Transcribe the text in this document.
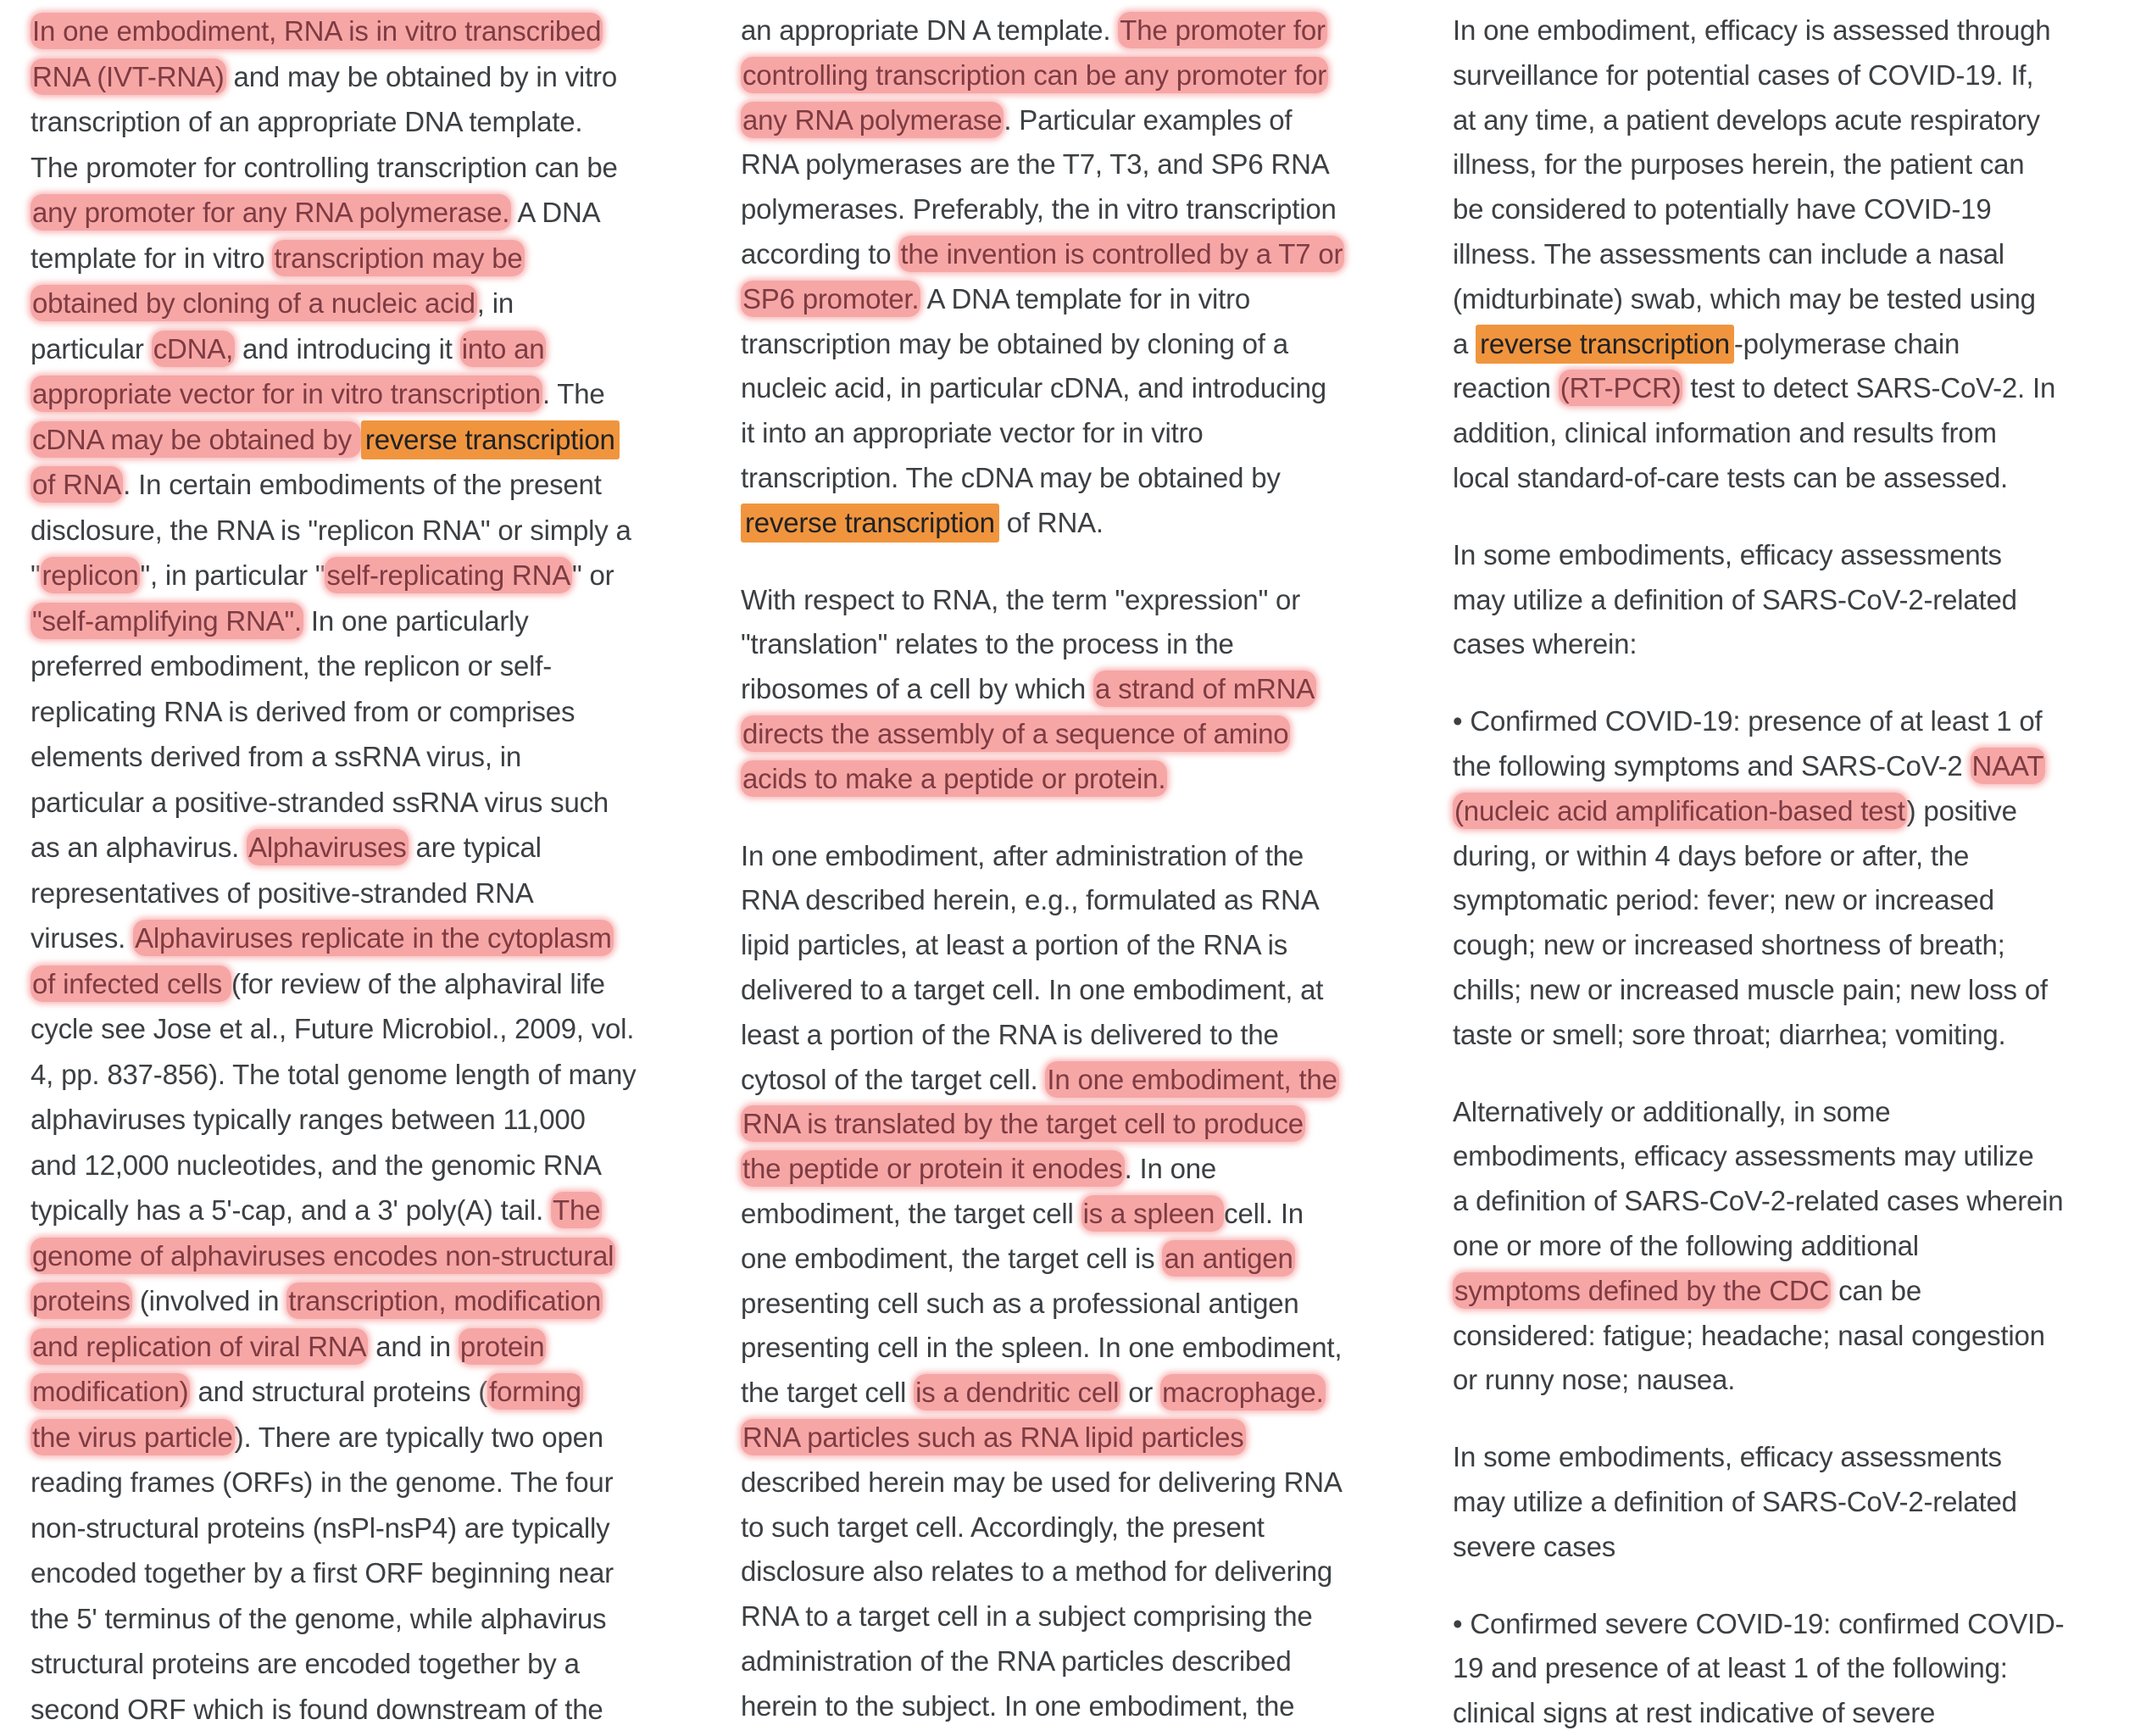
In one embodiment, RNA is in vitro transcribed
RNA (IVT-RNA) and may be obtained by in vitro
transcription of an appropriate DNA template.
The promoter for controlling transcription can be
any promoter for any RNA polymerase. A DNA
template for in vitro transcription may be
obtained by cloning of a nucleic acid, in
particular cDNA, and introducing it into an
appropriate vector for in vitro transcription. The
cDNA may be obtained by reverse transcription
of RNA. In certain embodiments of the present
disclosure, the RNA is "replicon RNA" or simply a
"replicon", in particular "self-replicating RNA" or
"self-amplifying RNA". In one particularly
preferred embodiment, the replicon or self-
replicating RNA is derived from or comprises
elements derived from a ssRNA virus, in
particular a positive-stranded ssRNA virus such
as an alphavirus. Alphaviruses are typical
representatives of positive-stranded RNA
viruses. Alphaviruses replicate in the cytoplasm
of infected cells (for review of the alphaviral life
cycle see Jose et al., Future Microbiol., 2009, vol.
4, pp. 837-856). The total genome length of many
alphaviruses typically ranges between 11,000
and 12,000 nucleotides, and the genomic RNA
typically has a 5'-cap, and a 3' poly(A) tail. The
genome of alphaviruses encodes non-structural
proteins (involved in transcription, modification
and replication of viral RNA and in protein
modification) and structural proteins (forming
the virus particle). There are typically two open
reading frames (ORFs) in the genome. The four
non-structural proteins (nsPl-nsP4) are typically
encoded together by a first ORF beginning near
the 5' terminus of the genome, while alphavirus
structural proteins are encoded together by a
second ORF which is found downstream of the
an appropriate DN A template. The promoter for
controlling transcription can be any promoter for
any RNA polymerase. Particular examples of
RNA polymerases are the T7, T3, and SP6 RNA
polymerases. Preferably, the in vitro transcription
according to the invention is controlled by a T7 or
SP6 promoter. A DNA template for in vitro
transcription may be obtained by cloning of a
nucleic acid, in particular cDNA, and introducing
it into an appropriate vector for in vitro
transcription. The cDNA may be obtained by
reverse transcription of RNA.
With respect to RNA, the term "expression" or
"translation" relates to the process in the
ribosomes of a cell by which a strand of mRNA
directs the assembly of a sequence of amino
acids to make a peptide or protein.
In one embodiment, after administration of the
RNA described herein, e.g., formulated as RNA
lipid particles, at least a portion of the RNA is
delivered to a target cell. In one embodiment, at
least a portion of the RNA is delivered to the
cytosol of the target cell. In one embodiment, the
RNA is translated by the target cell to produce
the peptide or protein it enodes. In one
embodiment, the target cell is a spleen cell. In
one embodiment, the target cell is an antigen
presenting cell such as a professional antigen
presenting cell in the spleen. In one embodiment,
the target cell is a dendritic cell or macrophage.
RNA particles such as RNA lipid particles
described herein may be used for delivering RNA
to such target cell. Accordingly, the present
disclosure also relates to a method for delivering
RNA to a target cell in a subject comprising the
administration of the RNA particles described
herein to the subject. In one embodiment, the
In one embodiment, efficacy is assessed through
surveillance for potential cases of COVID-19. If,
at any time, a patient develops acute respiratory
illness, for the purposes herein, the patient can
be considered to potentially have COVID-19
illness. The assessments can include a nasal
(midturbinate) swab, which may be tested using
a reverse transcription -polymerase chain
reaction (RT-PCR) test to detect SARS-CoV-2. In
addition, clinical information and results from
local standard-of-care tests can be assessed.
In some embodiments, efficacy assessments
may utilize a definition of SARS-CoV-2-related
cases wherein:
• Confirmed COVID-19: presence of at least 1 of
the following symptoms and SARS-CoV-2 NAAT
(nucleic acid amplification-based test) positive
during, or within 4 days before or after, the
symptomatic period: fever; new or increased
cough; new or increased shortness of breath;
chills; new or increased muscle pain; new loss of
taste or smell; sore throat; diarrhea; vomiting.
Alternatively or additionally, in some
embodiments, efficacy assessments may utilize
a definition of SARS-CoV-2-related cases wherein
one or more of the following additional
symptoms defined by the CDC can be
considered: fatigue; headache; nasal congestion
or runny nose; nausea.
In some embodiments, efficacy assessments
may utilize a definition of SARS-CoV-2-related
severe cases
• Confirmed severe COVID-19: confirmed COVID-
19 and presence of at least 1 of the following:
clinical signs at rest indicative of severe
